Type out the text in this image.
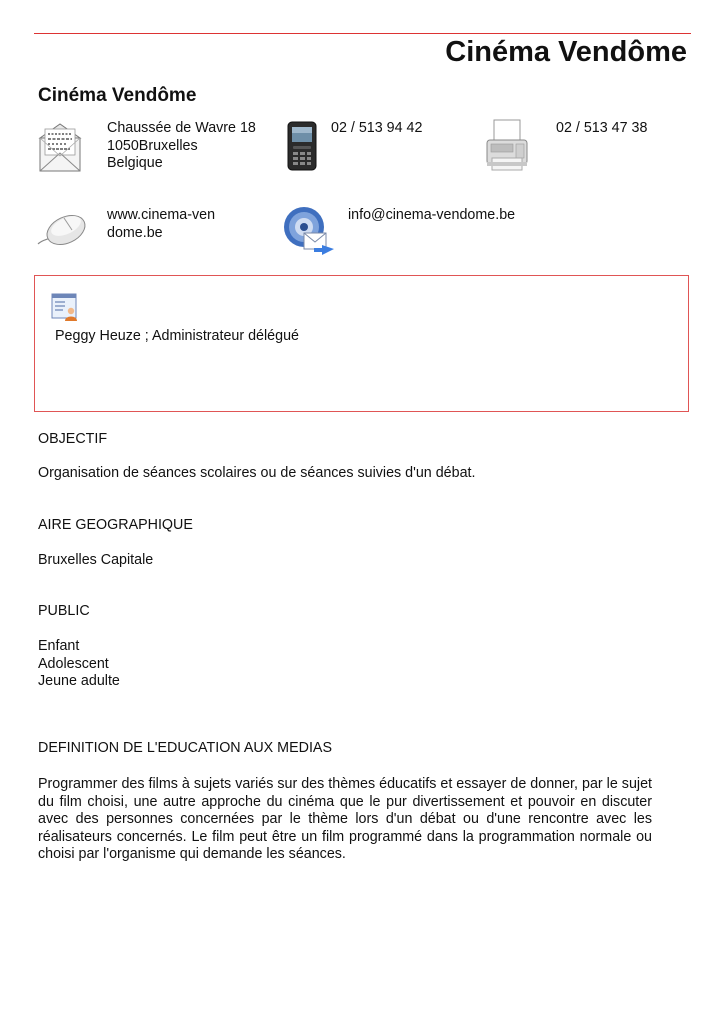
Cinéma Vendôme
Cinéma Vendôme
Chaussée de Wavre 18
1050Bruxelles
Belgique
02 / 513 94 42	02 / 513 47 38
www.cinema-ven
dome.be
info@cinema-vendome.be
Peggy Heuze ; Administrateur délégué
OBJECTIF

Organisation de séances scolaires ou de séances suivies d'un débat.

AIRE GEOGRAPHIQUE

Bruxelles Capitale

PUBLIC
Enfant
Adolescent
Jeune adulte
DEFINITION DE L'EDUCATION AUX MEDIAS

Programmer des films à sujets variés sur des thèmes éducatifs et essayer de donner, par le sujet du film choisi, une autre approche du cinéma que le pur divertissement et pouvoir en discuter avec des personnes concernées par le thème lors d'un débat ou d'une rencontre avec les réalisateurs concernés. Le film peut être un film programmé dans la programmation normale ou choisi par l'organisme qui demande les séances.
